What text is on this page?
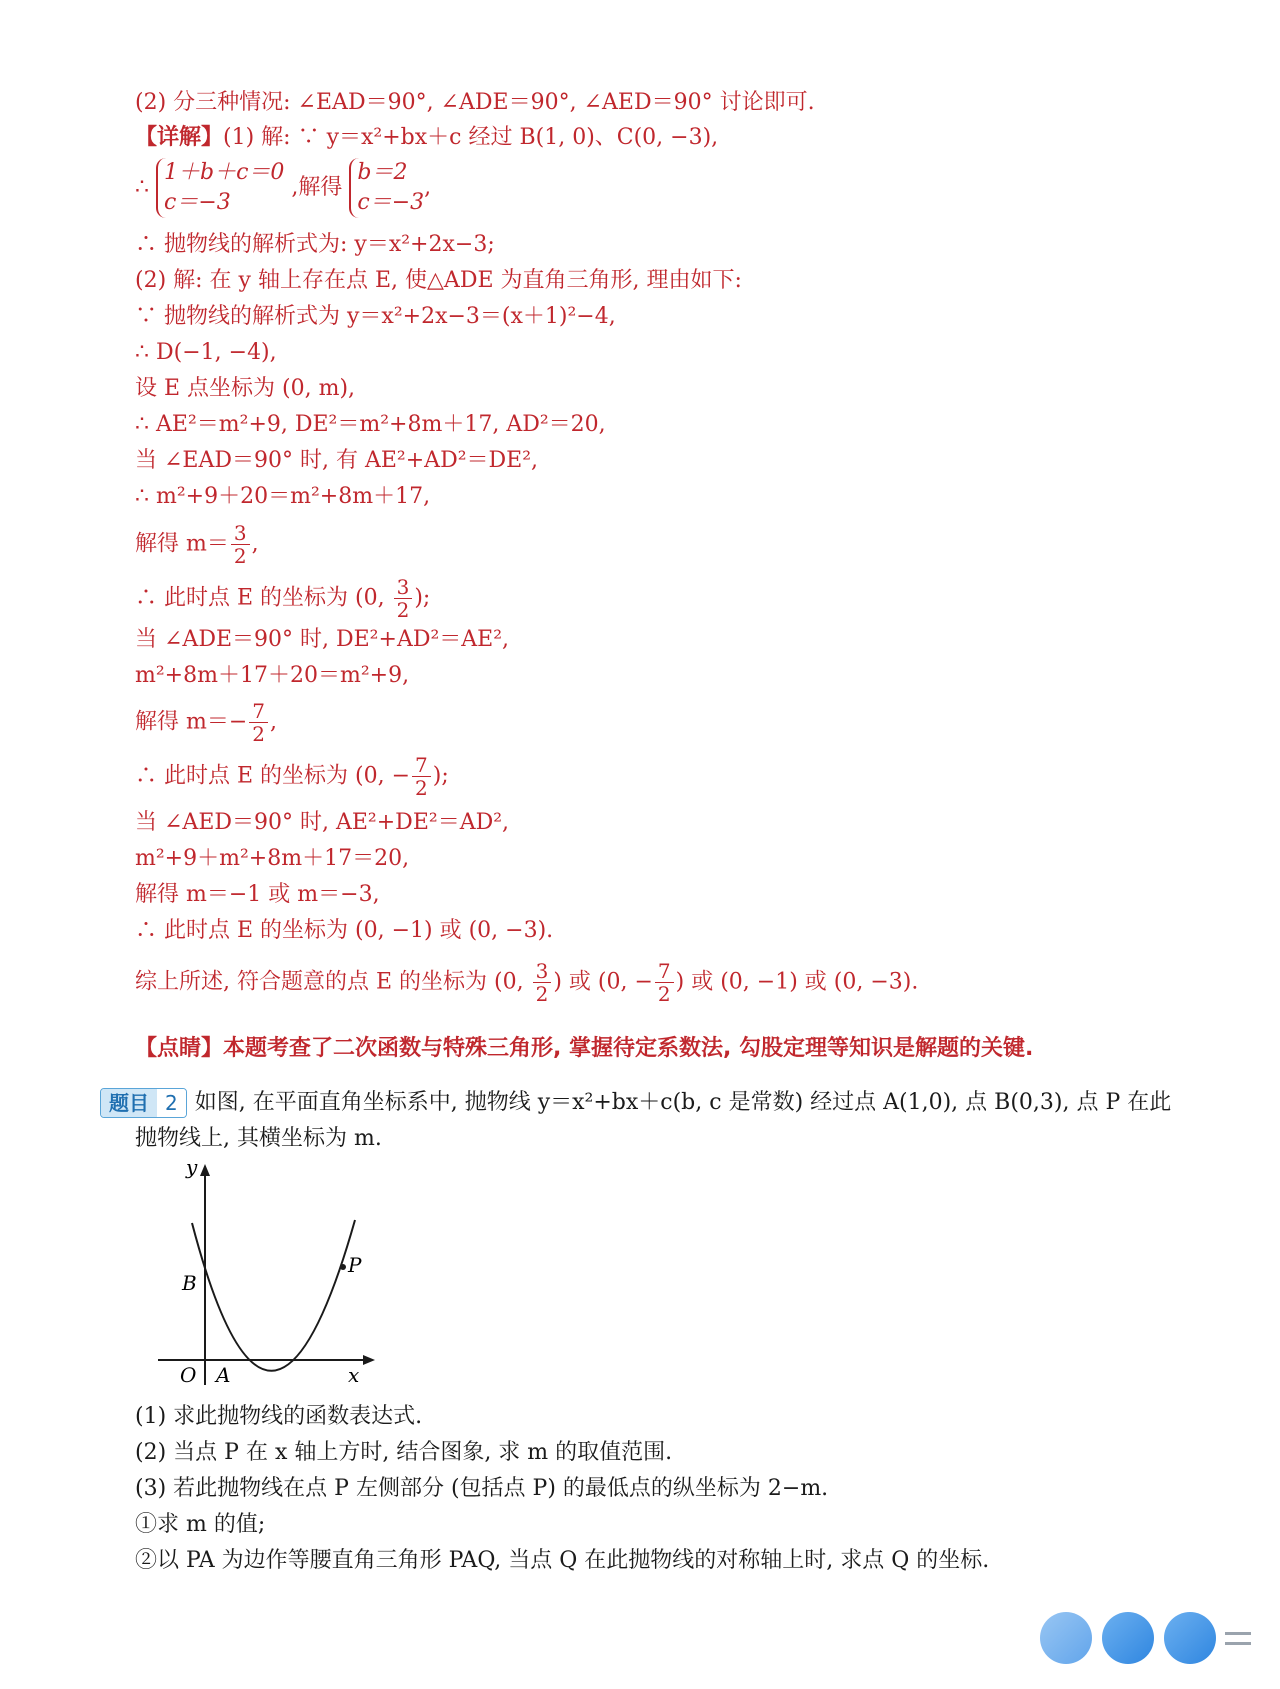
(2) 分三种情况: ∠EAD＝90°, ∠ADE＝90°, ∠AED＝90° 讨论即可.
【详解】(1) 解: ∵ y＝x²+bx＋c 经过 B(1, 0)、C(0, −3),
∴
1＋b＋c＝0
c＝−3
,解得
b＝2
c＝−3
,
∴ 抛物线的解析式为: y＝x²+2x−3;
(2) 解: 在 y 轴上存在点 E, 使△ADE 为直角三角形, 理由如下:
∵ 抛物线的解析式为 y＝x²+2x−3＝(x＋1)²−4,
∴ D(−1, −4),
设 E 点坐标为 (0, m),
∴ AE²＝m²+9, DE²＝m²+8m＋17, AD²＝20,
当 ∠EAD＝90° 时, 有 AE²+AD²＝DE²,
∴ m²+9＋20＝m²+8m＋17,
解得 $m= \frac{3}{2}$ ,
∴ 此时点 E 的坐标为 (0, $\frac{3}{2}$ );
当 ∠ADE＝90° 时, DE²+AD²＝AE²,
m²+8m＋17＋20＝m²+9,
解得 $m=- \frac{7}{2}$ ,
∴ 此时点 E 的坐标为 (0, − $\frac{7}{2}$ );
当 ∠AED＝90° 时, AE²+DE²＝AD²,
m²+9＋m²+8m＋17＝20,
解得 m＝−1 或 m＝−3,
∴ 此时点 E 的坐标为 (0, −1) 或 (0, −3).
综上所述, 符合题意的点 E 的坐标为 (0, $\frac{3}{2}$ ) 或 (0, − $\frac{7}{2}$ ) 或 (0, −1) 或 (0, −3).
【点睛】本题考查了二次函数与特殊三角形, 掌握待定系数法, 勾股定理等知识是解题的关键.
题目 2 如图, 在平面直角坐标系中, 抛物线 y＝x²+bx＋c(b, c 是常数) 经过点 A(1,0), 点 B(0,3), 点 P 在此
抛物线上, 其横坐标为 m.
y
x
O A
B
P
(1) 求此抛物线的函数表达式.
(2) 当点 P 在 x 轴上方时, 结合图象, 求 m 的取值范围.
(3) 若此抛物线在点 P 左侧部分 (包括点 P) 的最低点的纵坐标为 2−m.
①求 m 的值;
②以 PA 为边作等腰直角三角形 PAQ, 当点 Q 在此抛物线的对称轴上时, 求点 Q 的坐标.
